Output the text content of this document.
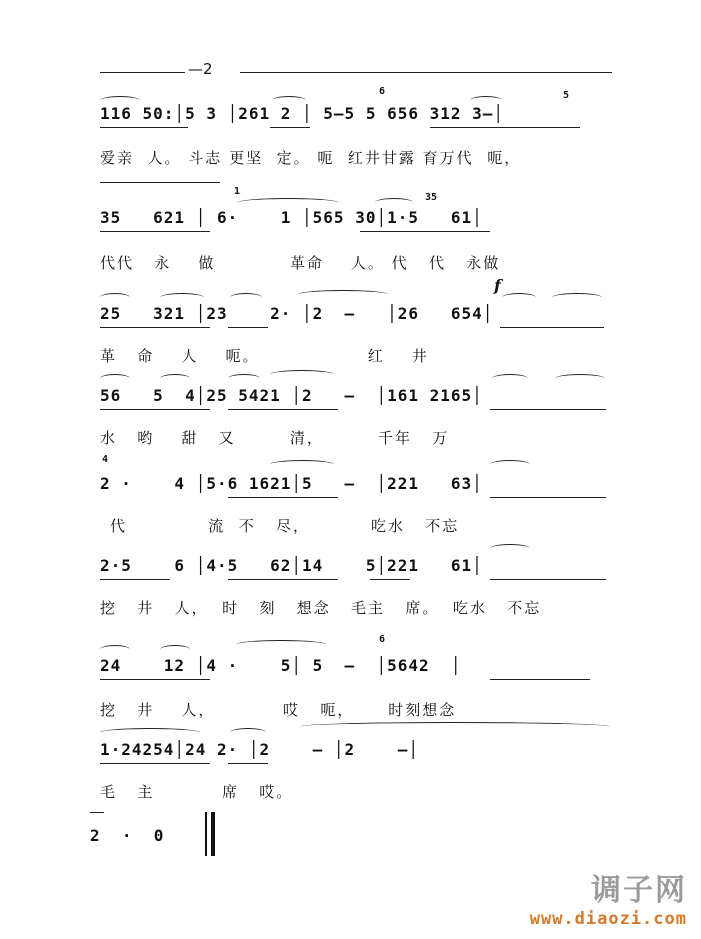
—2
116 50:│5 3 │261 2 │ 5—5 5 656 312 3—│
6	5
爱亲  人。 斗志 更坚  定。 呃  红井甘露 育万代  呃，
35   621 │ 6·    1 │565 30│1·5   61│
1
35
代代   永    做           革命    人。 代   代   永做
f
25   321 │23    2· │2  —   │26   654│
革   命    人    呃。                红    井
56   5  4│25 5421 │2   —  │161 2165│
水   哟    甜   又        清，        千年   万
4
2 ·    4 │5·6 1621│5   —  │221   63│
代            流  不   尽，         吃水   不忘
2·5    6 │4·5   62│14    5│221   61│
挖   井   人，  时   刻   想念   毛主   席。  吃水   不忘
6
24    12 │4 ·    5│ 5  —  │5642  │
挖   井    人，          哎   呃，     时刻想念
1·24254│24 2· │2    — │2    —│
毛   主          席   哎。
2  ·  0
调子网
www.diaozi.com
